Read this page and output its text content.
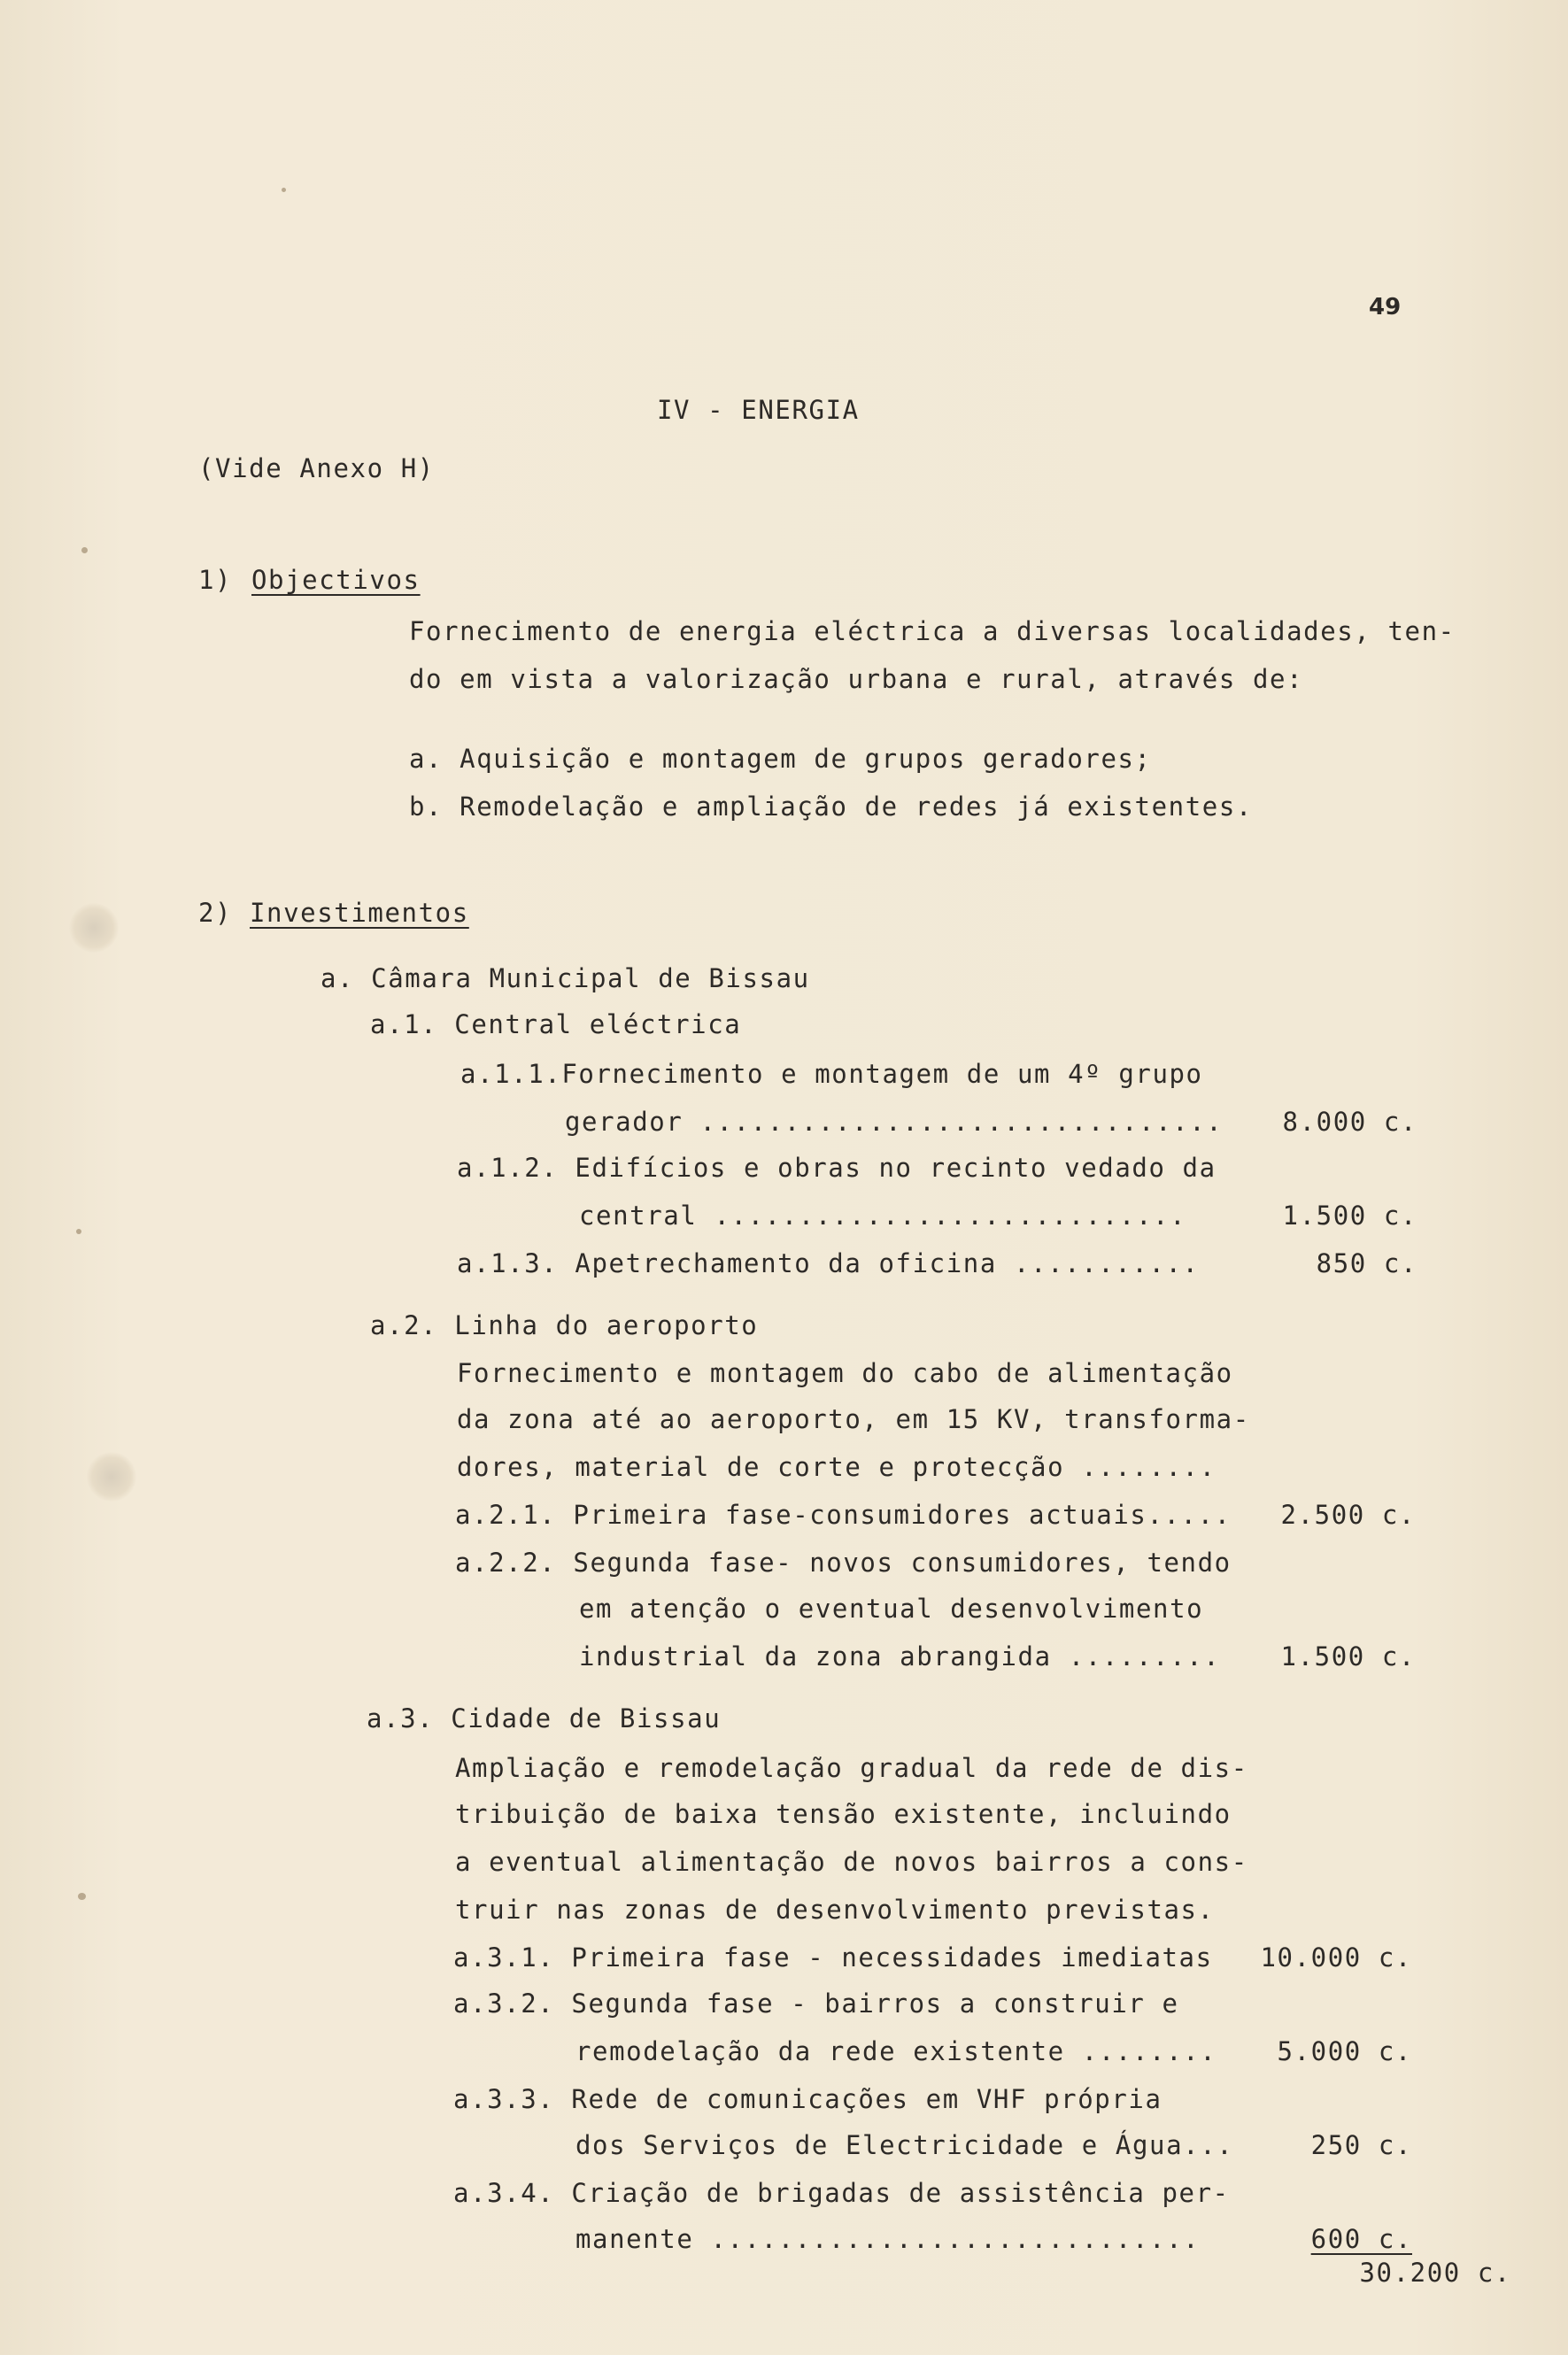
49
IV - ENERGIA
(Vide Anexo H)
1) Objectivos
Fornecimento de energia eléctrica a diversas localidades, ten-
do em vista a valorização urbana e rural, através de:
a. Aquisição e montagem de grupos geradores;
b. Remodelação e ampliação de redes já existentes.
2) Investimentos
a. Câmara Municipal de Bissau
a.1. Central eléctrica
a.1.1.Fornecimento e montagem de um 4º grupo
gerador ............................... 8.000 c.
a.1.2. Edifícios e obras no recinto vedado da
central ............................	1.500 c.
a.1.3. Apetrechamento da oficina ...........	850 c.
a.2. Linha do aeroporto
Fornecimento e montagem do cabo de alimentação
da zona até ao aeroporto, em 15 KV, transforma-
dores, material de corte e protecção ........
a.2.1. Primeira fase-consumidores actuais..... 2.500 c.
a.2.2. Segunda fase- novos consumidores, tendo
em atenção o eventual desenvolvimento
industrial da zona abrangida ......... 1.500 c.
a.3. Cidade de Bissau
Ampliação e remodelação gradual da rede de dis-
tribuição de baixa tensão existente, incluindo
a eventual alimentação de novos bairros a cons-
truir nas zonas de desenvolvimento previstas.
a.3.1. Primeira fase - necessidades imediatas 10.000 c.
a.3.2. Segunda fase - bairros a construir e
remodelação da rede existente ........ 5.000 c.
a.3.3. Rede de comunicações em VHF própria
dos Serviços de Electricidade e Água...	250 c.
a.3.4. Criação de brigadas de assistência per-
manente .............................	600 c.
30.200 c.
